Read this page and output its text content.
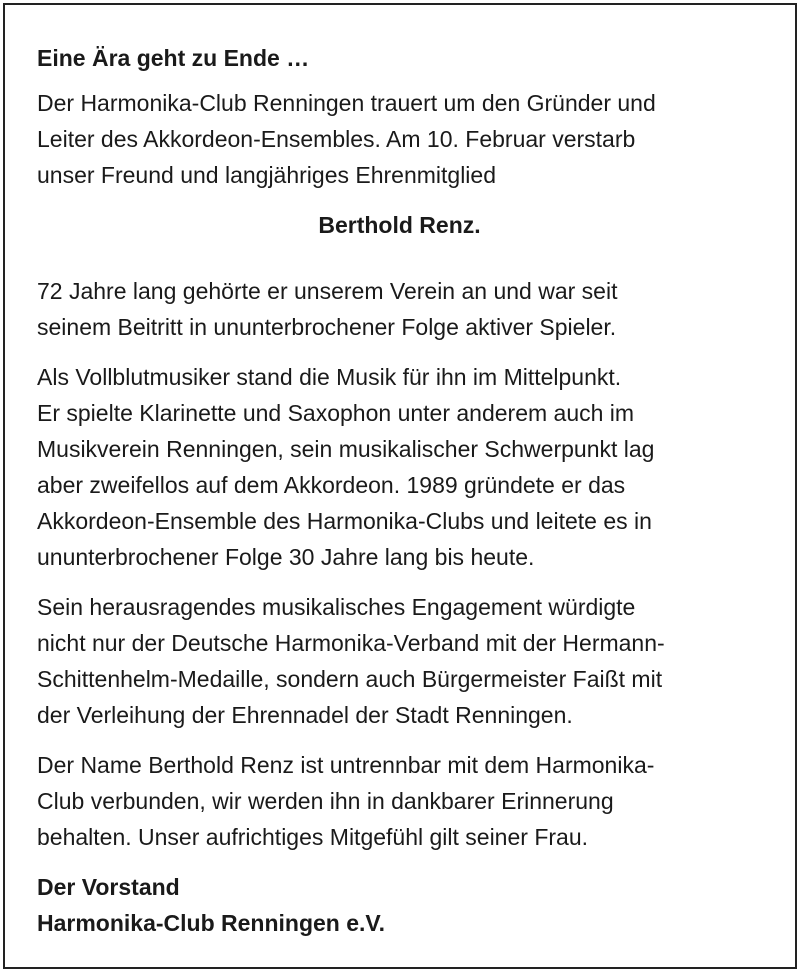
Eine Ära geht zu Ende …
Der Harmonika-Club Renningen trauert um den Gründer und
Leiter des Akkordeon-Ensembles. Am 10. Februar verstarb
unser Freund und langjähriges Ehrenmitglied
Berthold Renz.
72 Jahre lang gehörte er unserem Verein an und war seit
seinem Beitritt in ununterbrochener Folge aktiver Spieler.
Als Vollblutmusiker stand die Musik für ihn im Mittelpunkt.
Er spielte Klarinette und Saxophon unter anderem auch im
Musikverein Renningen, sein musikalischer Schwerpunkt lag
aber zweifellos auf dem Akkordeon. 1989 gründete er das
Akkordeon-Ensemble des Harmonika-Clubs und leitete es in
ununterbrochener Folge 30 Jahre lang bis heute.
Sein herausragendes musikalisches Engagement würdigte
nicht nur der Deutsche Harmonika-Verband mit der Hermann-
Schittenhelm-Medaille, sondern auch Bürgermeister Faißt mit
der Verleihung der Ehrennadel der Stadt Renningen.
Der Name Berthold Renz ist untrennbar mit dem Harmonika-
Club verbunden, wir werden ihn in dankbarer Erinnerung
behalten. Unser aufrichtiges Mitgefühl gilt seiner Frau.
Der Vorstand
Harmonika-Club Renningen e.V.
